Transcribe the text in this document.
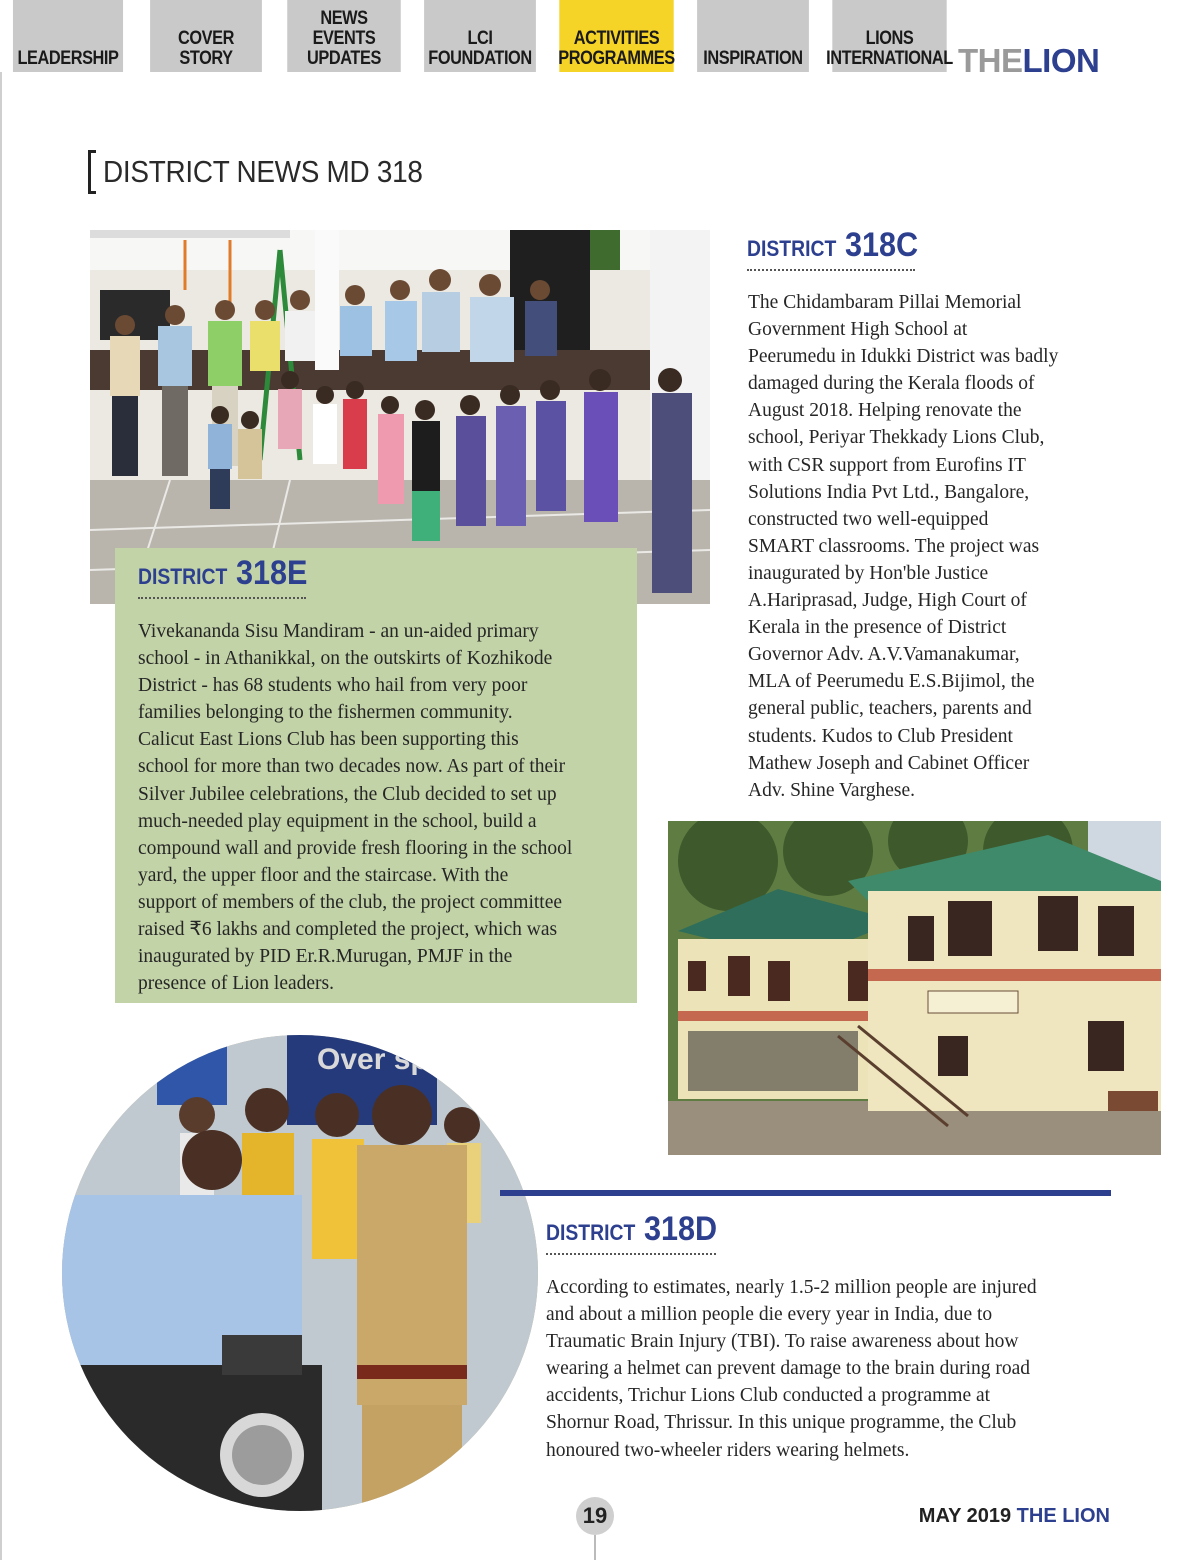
LEADERSHIP
COVER STORY
NEWS
EVENTS
UPDATES
LCI
FOUNDATION
ACTIVITIES
PROGRAMMES	INSPIRATION
LIONS
INTERNATIONAL THELION
DISTRICT NEWS MD 318
DISTRICT 318E

Vivekananda Sisu Mandiram - an un-aided primary

school - in Athanikkal, on the outskirts of Kozhikode

District - has 68 students who hail from very poor

families belonging to the fishermen community.

Calicut East Lions Club has been supporting this

school for more than two decades now. As part of their

Silver Jubilee celebrations, the Club decided to set up

much-needed play equipment in the school, build a

compound wall and provide fresh flooring in the school

yard, the upper floor and the staircase. With the

support of members of the club, the project committee

raised ₹6 lakhs and completed the project, which was

inaugurated by PID Er.R.Murugan, PMJF in the

presence of Lion leaders.

DISTRICT 318C

The Chidambaram Pillai Memorial

Government High School at

Peerumedu in Idukki District was badly

damaged during the Kerala floods of

August 2018. Helping renovate the

school, Periyar Thekkady Lions Club,

with CSR support from Eurofins IT

Solutions India Pvt Ltd., Bangalore,

constructed two well-equipped

SMART classrooms. The project was

inaugurated by Hon'ble Justice

A.Hariprasad, Judge, High Court of

Kerala in the presence of District

Governor Adv. A.V.Vamanakumar,

MLA of Peerumedu E.S.Bijimol, the

general public, teachers, parents and

students. Kudos to Club President

Mathew Joseph and Cabinet Officer

Adv. Shine Varghese.

Over spe
DISTRICT 318D

According to estimates, nearly 1.5-2 million people are injured

and about a million people die every year in India, due to

Traumatic Brain Injury (TBI). To raise awareness about how

wearing a helmet can prevent damage to the brain during road

accidents, Trichur Lions Club conducted a programme at

Shornur Road, Thrissur. In this unique programme, the Club

honoured two-wheeler riders wearing helmets.

19	MAY 2019 THE LION
